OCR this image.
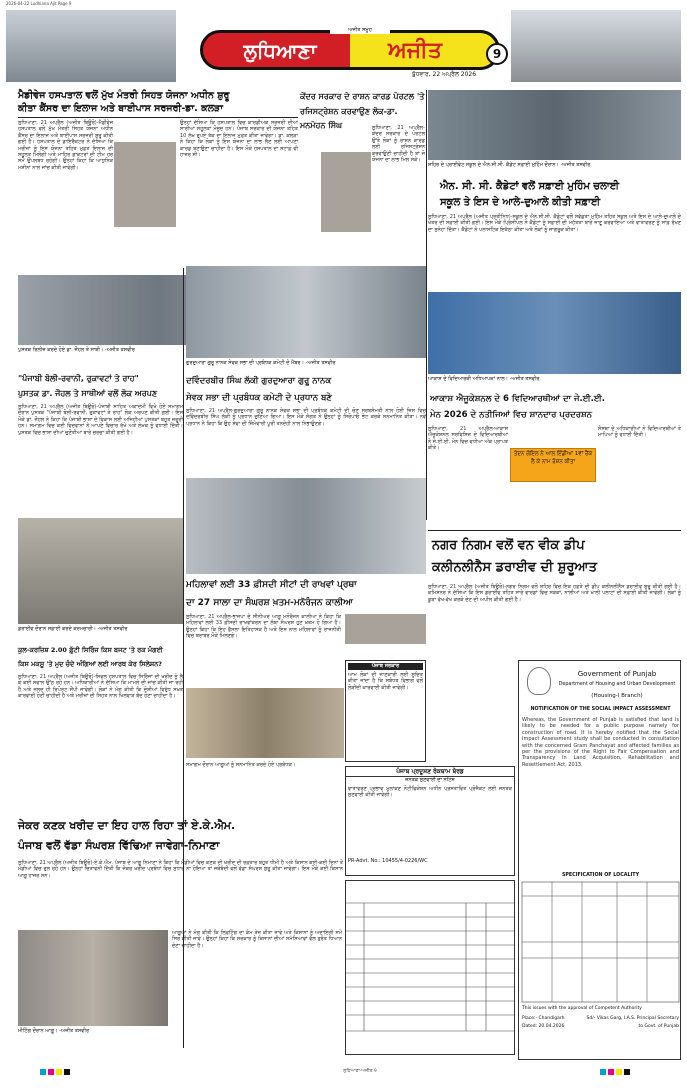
2026-04-22 Ludhiana Ajit Page 9
ਲੁਧਿਆਣਾ	ਅਜੀਤ
ਅਜੀਤ ਸਮੂਹ
ਬੁੱਧਵਾਰ, 22 ਅਪ੍ਰੈਲ 2026
9
ਮੈਡੀਵੇਜ ਹਸਪਤਾਲ ਵਲੋਂ ਮੁੱਖ ਮੰਤਰੀ ਸਿਹਤ ਯੋਜਨਾ ਅਧੀਨ ਸ਼ੁਰੂ
ਕੀਤਾ ਕੈਂਸਰ ਦਾ ਇਲਾਜ ਅਤੇ ਬਾਈਪਾਸ ਸਰਜਰੀ-ਡਾ. ਕਲੜਾ
ਲੁਧਿਆਣਾ, 21 ਅਪ੍ਰੈਲ (ਅਜੀਤ ਬਿਊਰੋ)-ਮੈਡੀਵੇਜ ਹਸਪਤਾਲ ਵਲੋਂ ਮੁੱਖ ਮੰਤਰੀ ਸਿਹਤ ਯੋਜਨਾ ਅਧੀਨ ਕੈਂਸਰ ਦਾ ਇਲਾਜ ਅਤੇ ਬਾਈਪਾਸ ਸਰਜਰੀ ਸ਼ੁਰੂ ਕੀਤੀ ਗਈ ਹੈ। ਹਸਪਤਾਲ ਦੇ ਡਾਇਰੈਕਟਰ ਨੇ ਦੱਸਿਆ ਕਿ ਮਰੀਜ਼ਾਂ ਨੂੰ ਇਸ ਯੋਜਨਾ ਤਹਿਤ ਮੁਫ਼ਤ ਇਲਾਜ ਦੀ ਸਹੂਲਤ ਮਿਲੇਗੀ ਅਤੇ ਮਾਹਿਰ ਡਾਕਟਰਾਂ ਦੀ ਟੀਮ ਹਰ ਸਮੇਂ ਉਪਲਬਧ ਰਹੇਗੀ। ਉਨ੍ਹਾਂ ਕਿਹਾ ਕਿ ਆਧੁਨਿਕ ਮਸ਼ੀਨਾਂ ਨਾਲ ਜਾਂਚ ਕੀਤੀ ਜਾਵੇਗੀ।
ਉਨ੍ਹਾਂ ਦੱਸਿਆ ਕਿ ਹਸਪਤਾਲ ਵਿਚ ਕਾਰਡੀਅਕ ਸਰਜਰੀ ਦੀਆਂ ਸਾਰੀਆਂ ਸਹੂਲਤਾਂ ਮੌਜੂਦ ਹਨ। ਪੰਜਾਬ ਸਰਕਾਰ ਦੀ ਯੋਜਨਾ ਤਹਿਤ 10 ਲੱਖ ਰੁਪਏ ਤੱਕ ਦਾ ਇਲਾਜ ਮੁਫ਼ਤ ਕੀਤਾ ਜਾਵੇਗਾ। ਡਾ. ਕਲੜਾ ਨੇ ਕਿਹਾ ਕਿ ਲੋਕਾਂ ਨੂੰ ਇਸ ਯੋਜਨਾ ਦਾ ਲਾਭ ਲੈਣ ਲਈ ਆਪਣਾ ਕਾਰਡ ਬਣਾਉਣਾ ਚਾਹੀਦਾ ਹੈ। ਇਸ ਮੌਕੇ ਹਸਪਤਾਲ ਦਾ ਸਟਾਫ਼ ਵੀ ਹਾਜ਼ਰ ਸੀ।
ਪੁਸਤਕ ਰਿਲੀਜ਼ ਕਰਦੇ ਹੋਏ ਡਾ. ਜੌਹਲ ਤੇ ਸਾਥੀ। -ਅਜੀਤ ਤਸਵੀਰ
ਕੇਂਦਰ ਸਰਕਾਰ ਦੇ ਰਾਸ਼ਨ ਕਾਰਡ ਪੋਰਟਲ 'ਤੇ
ਰਜਿਸਟ੍ਰੇਸ਼ਨ ਕਰਵਾਉਣ ਲੋਕ-ਡਾ. ਮਨਮੋਹਨ ਸਿੰਘ	ਲੁਧਿਆਣਾ, 21 ਅਪ੍ਰੈਲ-ਕੇਂਦਰ ਸਰਕਾਰ ਦੇ ਪੋਰਟਲ ਉੱਤੇ ਲੋਕਾਂ ਨੂੰ ਰਾਸ਼ਨ ਕਾਰਡ ਲਈ ਰਜਿਸਟ੍ਰੇਸ਼ਨ ਕਰਵਾਉਣੀ ਚਾਹੀਦੀ ਹੈ ਤਾਂ ਜੋ ਯੋਜਨਾ ਦਾ ਲਾਭ ਮਿਲ ਸਕੇ।
ਸ਼ਹਿਰ ਦੇ ਪ੍ਰਾਈਵੇਟ ਸਕੂਲ ਦੇ ਐਨ.ਸੀ.ਸੀ. ਕੈਡੇਟ ਸਫ਼ਾਈ ਮੁਹਿੰਮ ਦੌਰਾਨ। -ਅਜੀਤ ਤਸਵੀਰ
ਐਨ. ਸੀ. ਸੀ. ਕੈਡੇਟਾਂ ਵਲੋਂ ਸਫ਼ਾਈ ਮੁਹਿੰਮ ਚਲਾਈ
ਸਕੂਲ ਤੇ ਇਸ ਦੇ ਆਲੇ-ਦੁਆਲੇ ਕੀਤੀ ਸਫ਼ਾਈ
ਲੁਧਿਆਣਾ, 21 ਅਪ੍ਰੈਲ (ਅਜੀਤ ਪ੍ਰਤੀਨਿਧ)-ਸਕੂਲ ਦੇ ਐਨ.ਸੀ.ਸੀ. ਕੈਡੇਟਾਂ ਵਲੋਂ ਸਵੱਛਤਾ ਮੁਹਿੰਮ ਤਹਿਤ ਸਕੂਲ ਅਤੇ ਇਸ ਦੇ ਆਲੇ-ਦੁਆਲੇ ਦੇ ਖੇਤਰ ਦੀ ਸਫ਼ਾਈ ਕੀਤੀ ਗਈ। ਇਸ ਮੌਕੇ ਪ੍ਰਿੰਸੀਪਲ ਨੇ ਕੈਡੇਟਾਂ ਨੂੰ ਸਫ਼ਾਈ ਦੀ ਮਹੱਤਤਾ ਬਾਰੇ ਜਾਣੂ ਕਰਵਾਇਆ ਅਤੇ ਵਾਤਾਵਰਣ ਨੂੰ ਸਾਫ਼ ਰੱਖਣ ਦਾ ਸੁਨੇਹਾ ਦਿੱਤਾ। ਕੈਡੇਟਾਂ ਨੇ ਪਲਾਸਟਿਕ ਇਕੱਠਾ ਕੀਤਾ ਅਤੇ ਲੋਕਾਂ ਨੂੰ ਜਾਗਰੂਕ ਕੀਤਾ।
ਗੁਰਦੁਆਰਾ ਗੁਰੂ ਨਾਨਕ ਸੇਵਕ ਸਭਾ ਦੀ ਪ੍ਰਬੰਧਕ ਕਮੇਟੀ ਦੇ ਮੈਂਬਰ। -ਅਜੀਤ ਤਸਵੀਰ
ਆਕਾਸ਼ ਦੇ ਵਿਦਿਆਰਥੀ ਅਧਿਆਪਕਾਂ ਨਾਲ। -ਅਜੀਤ ਤਸਵੀਰ
"ਪੰਜਾਬੀ ਬੋਲੀ-ਰਵਾਨੀ, ਰੁਕਾਵਟਾਂ ਤੇ ਰਾਹ"
ਪੁਸਤਕ ਡਾ. ਜੌਹਲ ਤੇ ਸਾਥੀਆਂ ਵਲੋਂ ਲੋਕ ਅਰਪਣ
ਲੁਧਿਆਣਾ, 21 ਅਪ੍ਰੈਲ (ਅਜੀਤ ਬਿਊਰੋ)-ਪੰਜਾਬੀ ਸਾਹਿਤ ਅਕਾਦਮੀ ਵਿਖੇ ਹੋਏ ਸਮਾਗਮ ਦੌਰਾਨ ਪੁਸਤਕ "ਪੰਜਾਬੀ ਬੋਲੀ-ਰਵਾਨੀ, ਰੁਕਾਵਟਾਂ ਤੇ ਰਾਹ" ਲੋਕ ਅਰਪਣ ਕੀਤੀ ਗਈ। ਇਸ ਮੌਕੇ ਡਾ. ਜੌਹਲ ਨੇ ਕਿਹਾ ਕਿ ਪੰਜਾਬੀ ਭਾਸ਼ਾ ਦੇ ਵਿਕਾਸ ਲਈ ਅਜਿਹੀਆਂ ਪੁਸਤਕਾਂ ਬਹੁਤ ਜ਼ਰੂਰੀ ਹਨ। ਸਮਾਗਮ ਵਿਚ ਕਈ ਵਿਦਵਾਨਾਂ ਨੇ ਆਪਣੇ ਵਿਚਾਰ ਰੱਖੇ ਅਤੇ ਲੇਖਕ ਨੂੰ ਵਧਾਈ ਦਿੱਤੀ। ਪੁਸਤਕ ਵਿਚ ਭਾਸ਼ਾ ਦੀਆਂ ਚੁਣੌਤੀਆਂ ਬਾਰੇ ਚਰਚਾ ਕੀਤੀ ਗਈ ਹੈ।
ਦਵਿੰਦਰਬੀਰ ਸਿੰਘ ਲੱਕੀ ਗੁਰਦੁਆਰਾ ਗੁਰੂ ਨਾਨਕ
ਸੇਵਕ ਸਭਾ ਦੀ ਪ੍ਰਬੰਧਕ ਕਮੇਟੀ ਦੇ ਪ੍ਰਧਾਨ ਬਣੇ
ਲੁਧਿਆਣਾ, 21 ਅਪ੍ਰੈਲ-ਗੁਰਦੁਆਰਾ ਗੁਰੂ ਨਾਨਕ ਸੇਵਕ ਸਭਾ ਦੀ ਪ੍ਰਬੰਧਕ ਕਮੇਟੀ ਦੀ ਚੋਣ ਸਰਬਸੰਮਤੀ ਨਾਲ ਹੋਈ ਜਿਸ ਵਿਚ ਦਵਿੰਦਰਬੀਰ ਸਿੰਘ ਲੱਕੀ ਨੂੰ ਪ੍ਰਧਾਨ ਚੁਣਿਆ ਗਿਆ। ਇਸ ਮੌਕੇ ਸੰਗਤ ਨੇ ਉਨ੍ਹਾਂ ਨੂੰ ਸਿਰੋਪਾਓ ਭੇਟ ਕਰਕੇ ਸਨਮਾਨਿਤ ਕੀਤਾ। ਨਵੇਂ ਪ੍ਰਧਾਨ ਨੇ ਕਿਹਾ ਕਿ ਉਹ ਸੇਵਾ ਦੀ ਜ਼ਿੰਮੇਵਾਰੀ ਪੂਰੀ ਤਨਦੇਹੀ ਨਾਲ ਨਿਭਾਉਣਗੇ।
ਆਕਾਸ਼ ਐਜੂਕੇਸ਼ਨਲ ਦੇ 6 ਵਿਦਿਆਰਥੀਆਂ ਦਾ ਜੇ.ਈ.ਈ.
ਮੇਨ 2026 ਦੇ ਨਤੀਜਿਆਂ ਵਿਚ ਸ਼ਾਨਦਾਰ ਪ੍ਰਦਰਸ਼ਨ
ਲੁਧਿਆਣਾ, 21 ਅਪ੍ਰੈਲ-ਆਕਾਸ਼ ਐਜੂਕੇਸ਼ਨਲ ਸਰਵਿਸਿਜ਼ ਦੇ ਵਿਦਿਆਰਥੀਆਂ ਨੇ ਜੇ.ਈ.ਈ. ਮੇਨ ਵਿਚ ਵਧੀਆ ਅੰਕ ਪ੍ਰਾਪਤ ਕੀਤੇ।
ਤੰਦਨ ਗੋਇਲ ਨੇ ਆਲ ਇੰਡੀਆ 1ਵਾਂ ਰੈਂਕ ਲੈ ਕੇ ਨਾਮ ਰੋਸ਼ਨ ਕੀਤਾ
ਸੰਸਥਾ ਦੇ ਅਧਿਕਾਰੀਆਂ ਨੇ ਵਿਦਿਆਰਥੀਆਂ ਤੇ ਮਾਪਿਆਂ ਨੂੰ ਵਧਾਈ ਦਿੱਤੀ।
ਨਗਰ ਨਿਗਮ ਵਲੋਂ ਵਨ ਵੀਕ ਡੀਪ
ਕਲੀਨਲੀਨੈਸ ਡਰਾਈਵ ਦੀ ਸ਼ੁਰੂਆਤ
ਲੁਧਿਆਣਾ, 21 ਅਪ੍ਰੈਲ (ਅਜੀਤ ਬਿਊਰੋ)-ਨਗਰ ਨਿਗਮ ਵਲੋਂ ਸ਼ਹਿਰ ਵਿਚ ਇਕ ਹਫ਼ਤੇ ਦੀ ਡੀਪ ਕਲੀਨਲੀਨੈਸ ਡਰਾਈਵ ਸ਼ੁਰੂ ਕੀਤੀ ਗਈ ਹੈ। ਕਮਿਸ਼ਨਰ ਨੇ ਦੱਸਿਆ ਕਿ ਇਸ ਡਰਾਈਵ ਤਹਿਤ ਸਾਰੇ ਵਾਰਡਾਂ ਵਿਚ ਸੜਕਾਂ, ਨਾਲੀਆਂ ਅਤੇ ਖ਼ਾਲੀ ਪਲਾਟਾਂ ਦੀ ਸਫ਼ਾਈ ਕੀਤੀ ਜਾਵੇਗੀ। ਲੋਕਾਂ ਨੂੰ ਕੂੜਾ ਵੱਖ-ਵੱਖ ਕਰਕੇ ਦੇਣ ਦੀ ਅਪੀਲ ਕੀਤੀ ਗਈ ਹੈ।
ਮਹਿਲਾਵਾਂ ਲਈ 33 ਫ਼ੀਸਦੀ ਸੀਟਾਂ ਦੀ ਰਾਖਵਾਂ ਪ੍ਰਥਾ
ਦਾ 27 ਸਾਲਾ ਦਾ ਸੰਘਰਸ਼ ਖ਼ਤਮ-ਮਨੋਰੰਜਨ ਕਾਲੀਆ
ਲੁਧਿਆਣਾ, 21 ਅਪ੍ਰੈਲ-ਭਾਜਪਾ ਦੇ ਸੀਨੀਅਰ ਆਗੂ ਮਨੋਰੰਜਨ ਕਾਲੀਆ ਨੇ ਕਿਹਾ ਕਿ ਮਹਿਲਾਵਾਂ ਲਈ 33 ਫ਼ੀਸਦੀ ਰਾਖਵਾਂਕਰਨ ਦਾ ਲੰਬਾ ਸੰਘਰਸ਼ ਹੁਣ ਖ਼ਤਮ ਹੋ ਗਿਆ ਹੈ। ਉਨ੍ਹਾਂ ਕਿਹਾ ਕਿ ਇਹ ਫ਼ੈਸਲਾ ਇਤਿਹਾਸਕ ਹੈ ਅਤੇ ਇਸ ਨਾਲ ਮਹਿਲਾਵਾਂ ਨੂੰ ਰਾਜਨੀਤੀ ਵਿਚ ਬਰਾਬਰ ਮੌਕੇ ਮਿਲਣਗੇ।
ਡਰਾਈਵ ਦੌਰਾਨ ਸਫ਼ਾਈ ਕਰਦੇ ਕਰਮਚਾਰੀ। -ਅਜੀਤ ਤਸਵੀਰ
ਕੁਲ-ਕਰਜ਼ਿਸ਼ 2.00 ਫ਼ੁੱਟੀ ਸਿਰਿੰਜ ਕਿਸ ਬਜਟ 'ਤੇ ਰਕ ਮੰਗਈ
ਕਿਸ ਮਕਸੂ 'ਤੇ ਮੁਦ ਚੰਦੇ ਅੰਗਿਆਂ ਲਈ ਆਰਥ ਕੇਰ ਸਿਲੇਸ਼ਨ?
ਲੁਧਿਆਣਾ, 21 ਅਪ੍ਰੈਲ (ਅਜੀਤ ਬਿਊਰੋ)-ਸਿਵਲ ਹਸਪਤਾਲ ਵਿਚ ਸਿਰਿੰਜਾਂ ਦੀ ਖ਼ਰੀਦ ਨੂੰ ਲੈ ਕੇ ਕਈ ਸਵਾਲ ਉੱਠ ਰਹੇ ਹਨ। ਅਧਿਕਾਰੀਆਂ ਨੇ ਦੱਸਿਆ ਕਿ ਮਾਮਲੇ ਦੀ ਜਾਂਚ ਕੀਤੀ ਜਾ ਰਹੀ ਹੈ ਅਤੇ ਜਲਦ ਹੀ ਰਿਪੋਰਟ ਸੌਂਪੀ ਜਾਵੇਗੀ। ਲੋਕਾਂ ਨੇ ਮੰਗ ਕੀਤੀ ਕਿ ਦੋਸ਼ੀਆਂ ਵਿਰੁੱਧ ਸਖ਼ਤ ਕਾਰਵਾਈ ਹੋਣੀ ਚਾਹੀਦੀ ਹੈ ਅਤੇ ਮਰੀਜ਼ਾਂ ਦੀ ਸਿਹਤ ਨਾਲ ਖਿਲਵਾੜ ਬੰਦ ਹੋਣਾ ਚਾਹੀਦਾ ਹੈ।
ਸਮਾਗਮ ਦੌਰਾਨ ਆਗੂਆਂ ਨੂੰ ਸਨਮਾਨਿਤ ਕਰਦੇ ਹੋਏ ਪ੍ਰਬੰਧਕ।
ਪੰਜਾਬ ਸਰਕਾਰ
ਆਮ ਲੋਕਾਂ ਦੀ ਜਾਣਕਾਰੀ ਲਈ ਸੂਚਿਤ ਕੀਤਾ ਜਾਂਦਾ ਹੈ ਕਿ ਸਬੰਧਤ ਵਿਭਾਗ ਵਲੋਂ ਲੋੜੀਂਦੀ ਕਾਰਵਾਈ ਕੀਤੀ ਜਾਵੇਗੀ।
ਪੰਜਾਬ ਪ੍ਰਦੂਸ਼ਣ ਰੋਕਥਾਮ ਬੋਰਡ
ਜਨਤਕ ਸੁਣਵਾਈ ਦਾ ਨੋਟਿਸ
ਵਾਤਾਵਰਣ ਪ੍ਰਭਾਵ ਮੁਲਾਂਕਣ ਨੋਟੀਫਿਕੇਸ਼ਨ ਅਧੀਨ ਪ੍ਰਸਤਾਵਿਤ ਪ੍ਰੋਜੈਕਟ ਲਈ ਜਨਤਕ ਸੁਣਵਾਈ ਕੀਤੀ ਜਾਵੇਗੀ।
PR-Advt. No.: 10455/4-0226/WC
Government of Punjab
Department of Housing and Urban Development
(Housing-I Branch)
NOTIFICATION OF THE SOCIAL IMPACT ASSESSMENT
Whereas, the Government of Punjab is satisfied that land is likely to be needed for a public purpose namely for construction of road. It is hereby notified that the Social Impact Assessment study shall be conducted in consultation with the concerned Gram Panchayat and affected families as per the provisions of the Right to Fair Compensation and Transparency in Land Acquisition, Rehabilitation and Resettlement Act, 2013.
SPECIFICATION OF LOCALITY
This issues with the approval of Competent Authority
Place:- Chandigarh
Dated: 20.04.2026
Sd/- Vikas Garg, I.A.S. Principal Secretary to Govt. of Punjab
ਜੇਕਰ ਕਣਕ ਖਰੀਦ ਦਾ ਇਹ ਹਾਲ ਰਿਹਾ ਤਾਂ ਏ.ਕੇ.ਐਮ.
ਪੰਜਾਬ ਵਲੋਂ ਵੱਡਾ ਸੰਘਰਸ਼ ਵਿੱਢਿਆ ਜਾਵੇਗਾ-ਨਿਮਾਣਾ
ਲੁਧਿਆਣਾ, 21 ਅਪ੍ਰੈਲ (ਅਜੀਤ ਬਿਊਰੋ)-ਏ.ਕੇ.ਐਮ. ਪੰਜਾਬ ਦੇ ਆਗੂ ਨਿਮਾਣਾ ਨੇ ਕਿਹਾ ਕਿ ਮੰਡੀਆਂ ਵਿਚ ਕਣਕ ਦੀ ਖ਼ਰੀਦ ਦੀ ਰਫ਼ਤਾਰ ਬਹੁਤ ਧੀਮੀ ਹੈ ਅਤੇ ਕਿਸਾਨ ਕਈ-ਕਈ ਦਿਨਾਂ ਤੋਂ ਮੰਡੀਆਂ ਵਿਚ ਰੁਲ ਰਹੇ ਹਨ। ਉਨ੍ਹਾਂ ਚਿਤਾਵਨੀ ਦਿੱਤੀ ਕਿ ਜੇਕਰ ਖ਼ਰੀਦ ਪ੍ਰਬੰਧਾਂ ਵਿਚ ਸੁਧਾਰ ਨਾ ਹੋਇਆ ਤਾਂ ਜਥੇਬੰਦੀ ਵਲੋਂ ਵੱਡਾ ਸੰਘਰਸ਼ ਸ਼ੁਰੂ ਕੀਤਾ ਜਾਵੇਗਾ। ਇਸ ਮੌਕੇ ਕਈ ਕਿਸਾਨ ਆਗੂ ਹਾਜ਼ਰ ਸਨ।
ਮੀਟਿੰਗ ਦੌਰਾਨ ਆਗੂ। -ਅਜੀਤ ਤਸਵੀਰ
ਆਗੂਆਂ ਨੇ ਮੰਗ ਕੀਤੀ ਕਿ ਲਿਫ਼ਟਿੰਗ ਦਾ ਕੰਮ ਤੇਜ਼ ਕੀਤਾ ਜਾਵੇ ਅਤੇ ਕਿਸਾਨਾਂ ਨੂੰ ਅਦਾਇਗੀ ਸਮੇਂ ਸਿਰ ਕੀਤੀ ਜਾਵੇ। ਉਨ੍ਹਾਂ ਕਿਹਾ ਕਿ ਸਰਕਾਰ ਨੂੰ ਕਿਸਾਨਾਂ ਦੀਆਂ ਸਮੱਸਿਆਵਾਂ ਵੱਲ ਤੁਰੰਤ ਧਿਆਨ ਦੇਣਾ ਚਾਹੀਦਾ ਹੈ।
ਲੁਧਿਆਣਾ-ਅਜੀਤ 9
